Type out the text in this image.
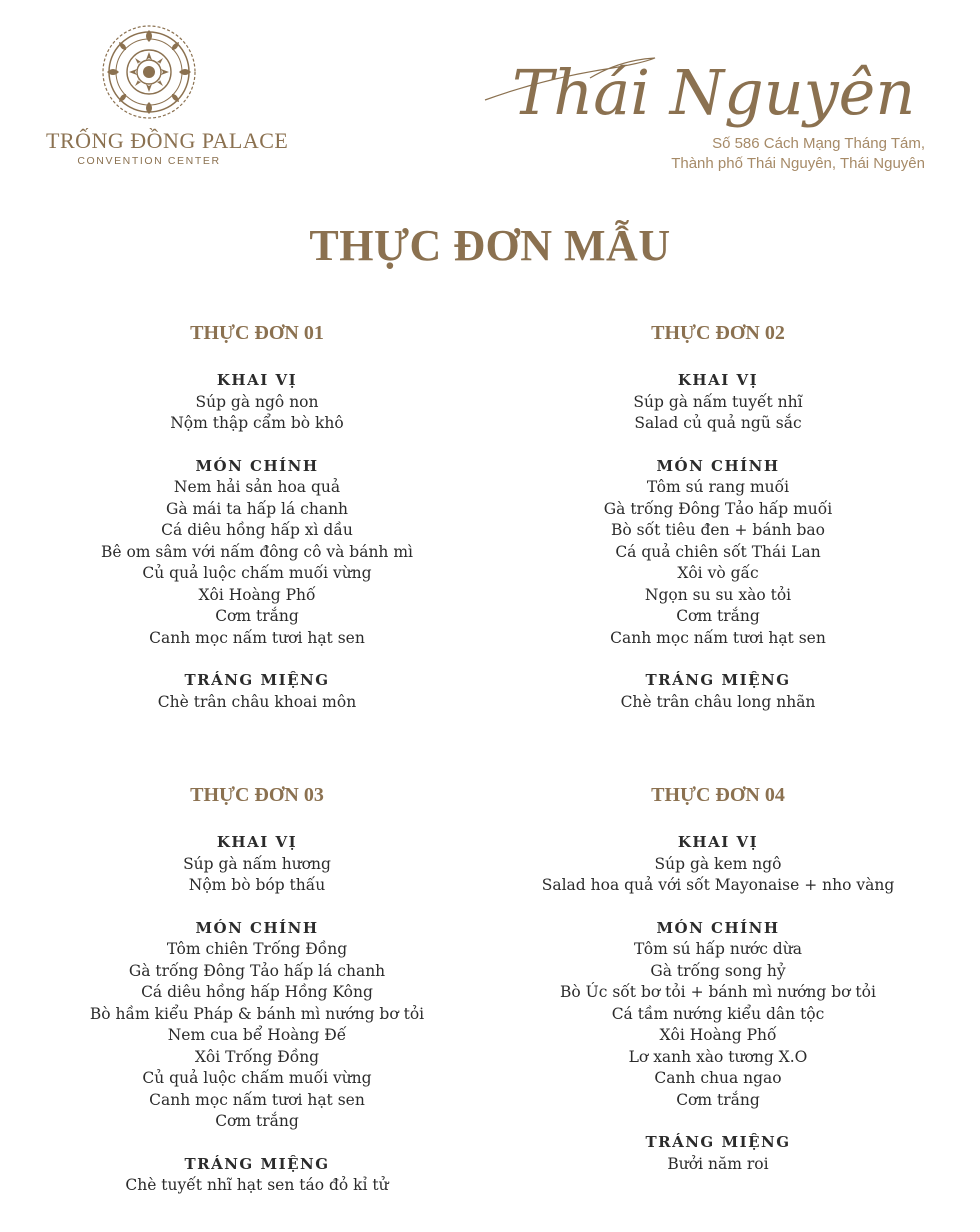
TRỐNG ĐỒNG PALACE
CONVENTION CENTER
Thái Nguyên
Số 586 Cách Mạng Tháng Tám,
Thành phố Thái Nguyên, Thái Nguyên
THỰC ĐƠN MẪU
THỰC ĐƠN 01
KHAI VỊ
Súp gà ngô non
Nộm thập cẩm bò khô
MÓN CHÍNH
Nem hải sản hoa quả
Gà mái ta hấp lá chanh
Cá diêu hồng hấp xì dầu
Bê om sâm với nấm đông cô và bánh mì
Củ quả luộc chấm muối vừng
Xôi Hoàng Phố
Cơm trắng
Canh mọc nấm tươi hạt sen
TRÁNG MIỆNG
Chè trân châu khoai môn
THỰC ĐƠN 02
KHAI VỊ
Súp gà nấm tuyết nhĩ
Salad củ quả ngũ sắc
MÓN CHÍNH
Tôm sú rang muối
Gà trống Đông Tảo hấp muối
Bò sốt tiêu đen + bánh bao
Cá quả chiên sốt Thái Lan
Xôi vò gấc
Ngọn su su xào tỏi
Cơm trắng
Canh mọc nấm tươi hạt sen
TRÁNG MIỆNG
Chè trân châu long nhãn
THỰC ĐƠN 03
KHAI VỊ
Súp gà nấm hương
Nộm bò bóp thấu
MÓN CHÍNH
Tôm chiên Trống Đồng
Gà trống Đông Tảo hấp lá chanh
Cá diêu hồng hấp Hồng Kông
Bò hầm kiểu Pháp & bánh mì nướng bơ tỏi
Nem cua bể Hoàng Đế
Xôi Trống Đồng
Củ quả luộc chấm muối vừng
Canh mọc nấm tươi hạt sen
Cơm trắng
TRÁNG MIỆNG
Chè tuyết nhĩ hạt sen táo đỏ kỉ tử
THỰC ĐƠN 04
KHAI VỊ
Súp gà kem ngô
Salad hoa quả với sốt Mayonaise + nho vàng
MÓN CHÍNH
Tôm sú hấp nước dừa
Gà trống song hỷ
Bò Úc sốt bơ tỏi + bánh mì nướng bơ tỏi
Cá tầm nướng kiểu dân tộc
Xôi Hoàng Phố
Lơ xanh xào tương X.O
Canh chua ngao
Cơm trắng
TRÁNG MIỆNG
Bưởi năm roi
